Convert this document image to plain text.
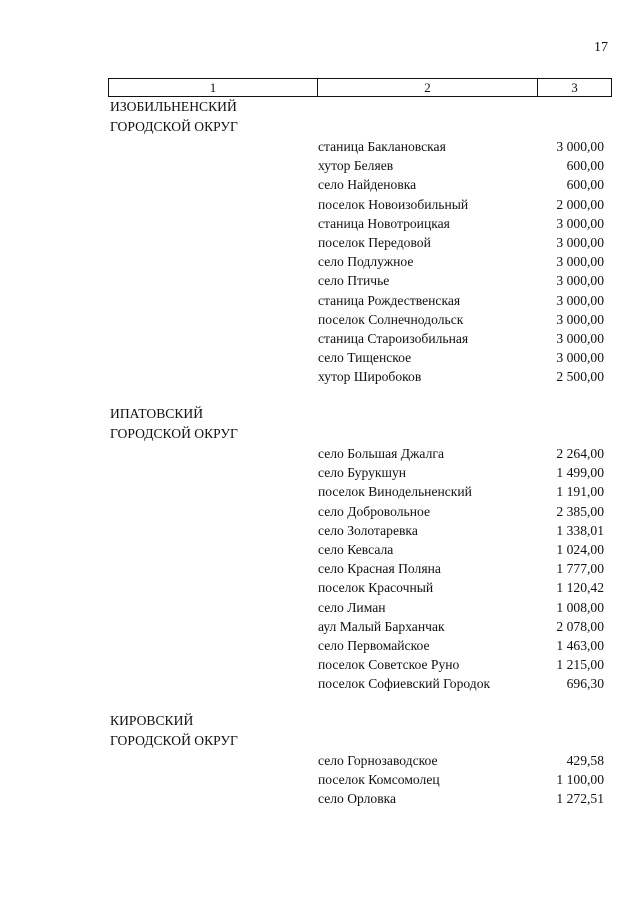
17
1	2	3
ИЗОБИЛЬНЕНСКИЙ
ГОРОДСКОЙ ОКРУГ
станица Баклановская	3 000,00
хутор Беляев	600,00
село Найденовка	600,00
поселок Новоизобильный	2 000,00
станица Новотроицкая	3 000,00
поселок Передовой	3 000,00
село Подлужное	3 000,00
село Птичье	3 000,00
станица Рождественская	3 000,00
поселок Солнечнодольск	3 000,00
станица Староизобильная	3 000,00
село Тищенское	3 000,00
хутор Широбоков	2 500,00
ИПАТОВСКИЙ
ГОРОДСКОЙ ОКРУГ
село Большая Джалга	2 264,00
село Бурукшун	1 499,00
поселок Винодельненский	1 191,00
село Добровольное	2 385,00
село Золотаревка	1 338,01
село Кевсала	1 024,00
село Красная Поляна	1 777,00
поселок Красочный	1 120,42
село Лиман	1 008,00
аул Малый Барханчак	2 078,00
село Первомайское	1 463,00
поселок Советское Руно	1 215,00
поселок Софиевский Городок	696,30
КИРОВСКИЙ
ГОРОДСКОЙ ОКРУГ
село Горнозаводское	429,58
поселок Комсомолец	1 100,00
село Орловка	1 272,51
